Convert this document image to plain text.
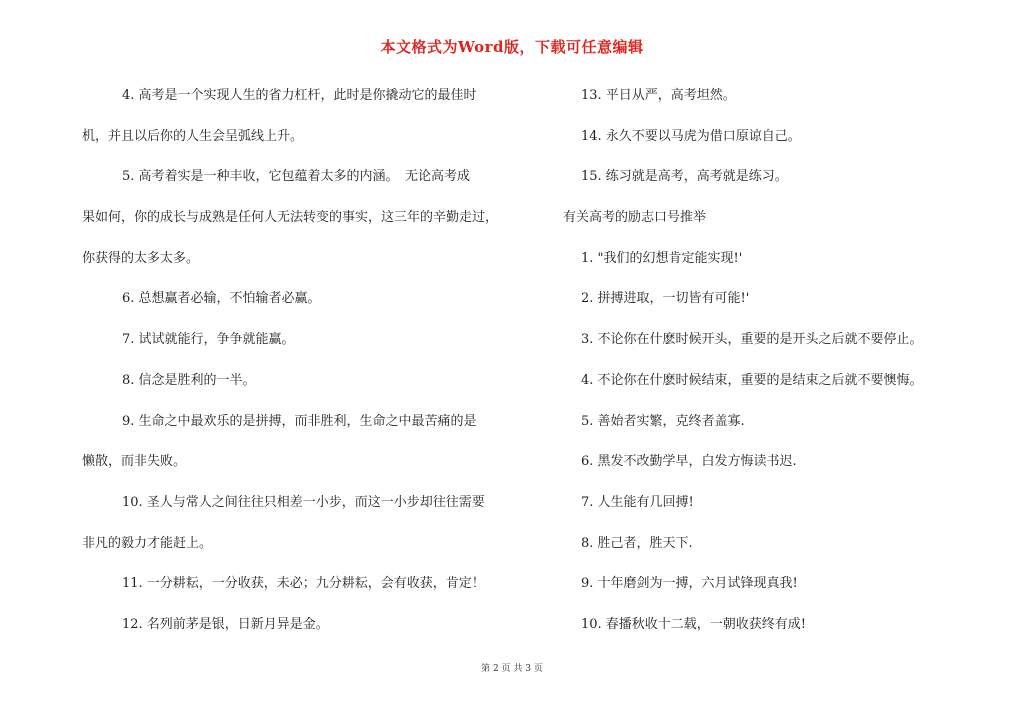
本文格式为Word版，下载可任意编辑
4. 高考是一个实现人生的省力杠杆，此时是你撬动它的最佳时
机，并且以后你的人生会呈弧线上升。
5. 高考着实是一种丰收，它包蕴着太多的内涵。　无论高考成
果如何，你的成长与成熟是任何人无法转变的事实，这三年的辛勤走过，
你获得的太多太多。
6. 总想赢者必输，不怕输者必赢。
7. 试试就能行，争争就能赢。
8. 信念是胜利的一半。
9. 生命之中最欢乐的是拼搏，而非胜利，生命之中最苦痛的是
懒散，而非失败。
10. 圣人与常人之间往往只相差一小步，而这一小步却往往需要
非凡的毅力才能赶上。
11. 一分耕耘，一分收获，未必；九分耕耘，会有收获，肯定！
12. 名列前茅是银，日新月异是金。
13. 平日从严，高考坦然。
14. 永久不要以马虎为借口原谅自己。
15. 练习就是高考，高考就是练习。
有关高考的励志口号推举
1. "我们的幻想肯定能实现!'
2. 拼搏进取，一切皆有可能!'
3. 不论你在什麽时候开头，重要的是开头之后就不要停止。
4. 不论你在什麽时候结束，重要的是结束之后就不要懊悔。
5. 善始者实繁，克终者盖寡.
6. 黑发不改勤学早，白发方悔读书迟.
7. 人生能有几回搏!
8. 胜己者，胜天下.
9. 十年磨剑为一搏，六月试锋现真我!
10. 春播秋收十二载，一朝收获终有成!
第 2 页 共 3 页
